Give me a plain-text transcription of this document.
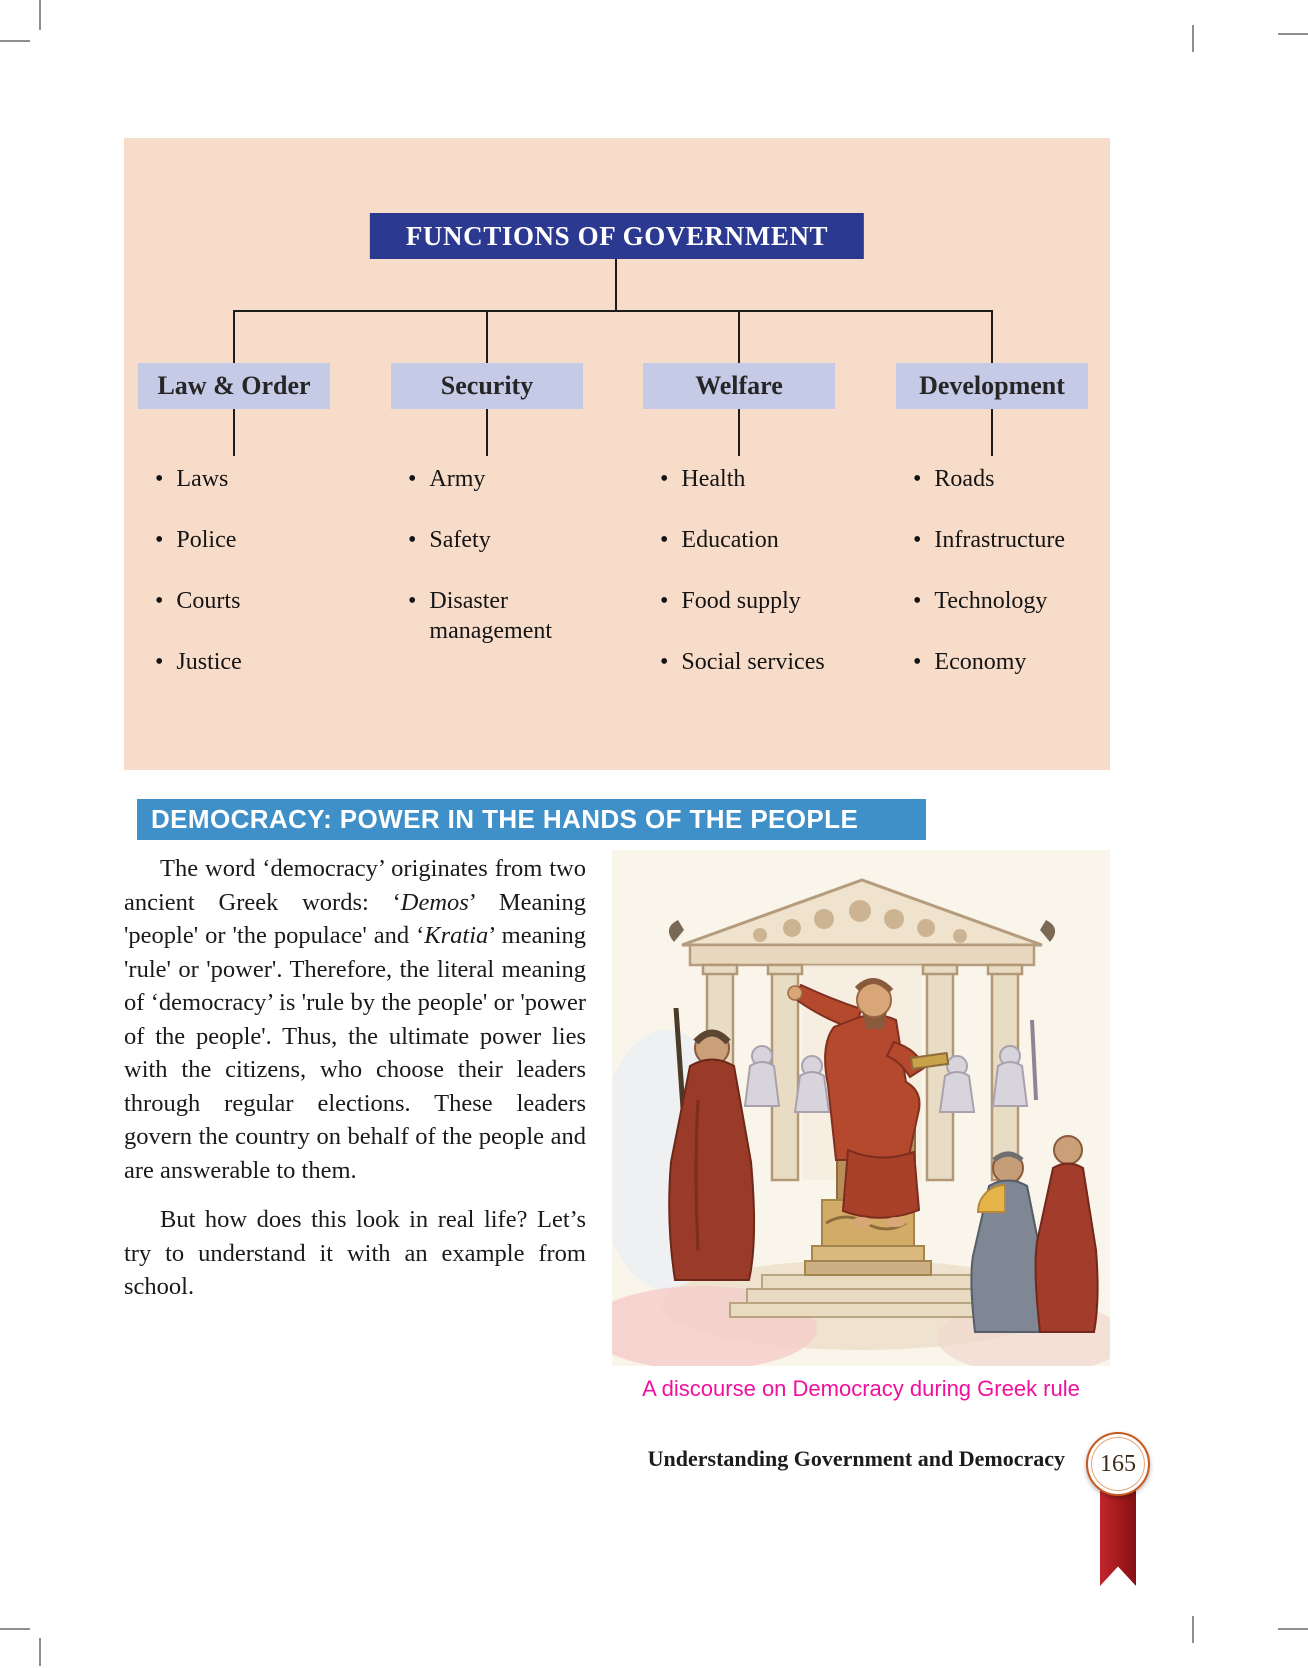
FUNCTIONS OF GOVERNMENT
Law & Order
• Laws
• Police
• Courts
• Justice
Security
• Army
• Safety
• Disaster management
Welfare
• Health
• Education
• Food supply
• Social services
Development
• Roads
• Infrastructure
• Technology
• Economy
DEMOCRACY: POWER IN THE HANDS OF THE PEOPLE

The word ‘democracy’ originates from two ancient Greek words: ‘Demos’ Meaning 'people' or 'the populace' and ‘Kratia’ meaning 'rule' or 'power'. Therefore, the literal meaning of ‘democracy’ is 'rule by the people' or 'power of the people'. Thus, the ultimate power lies with the citizens, who choose their leaders through regular elections. These leaders govern the country on behalf of the people and are answerable to them.

But how does this look in real life? Let’s try to understand it with an example from school.

A discourse on Democracy during Greek rule
Understanding Government and Democracy 165
